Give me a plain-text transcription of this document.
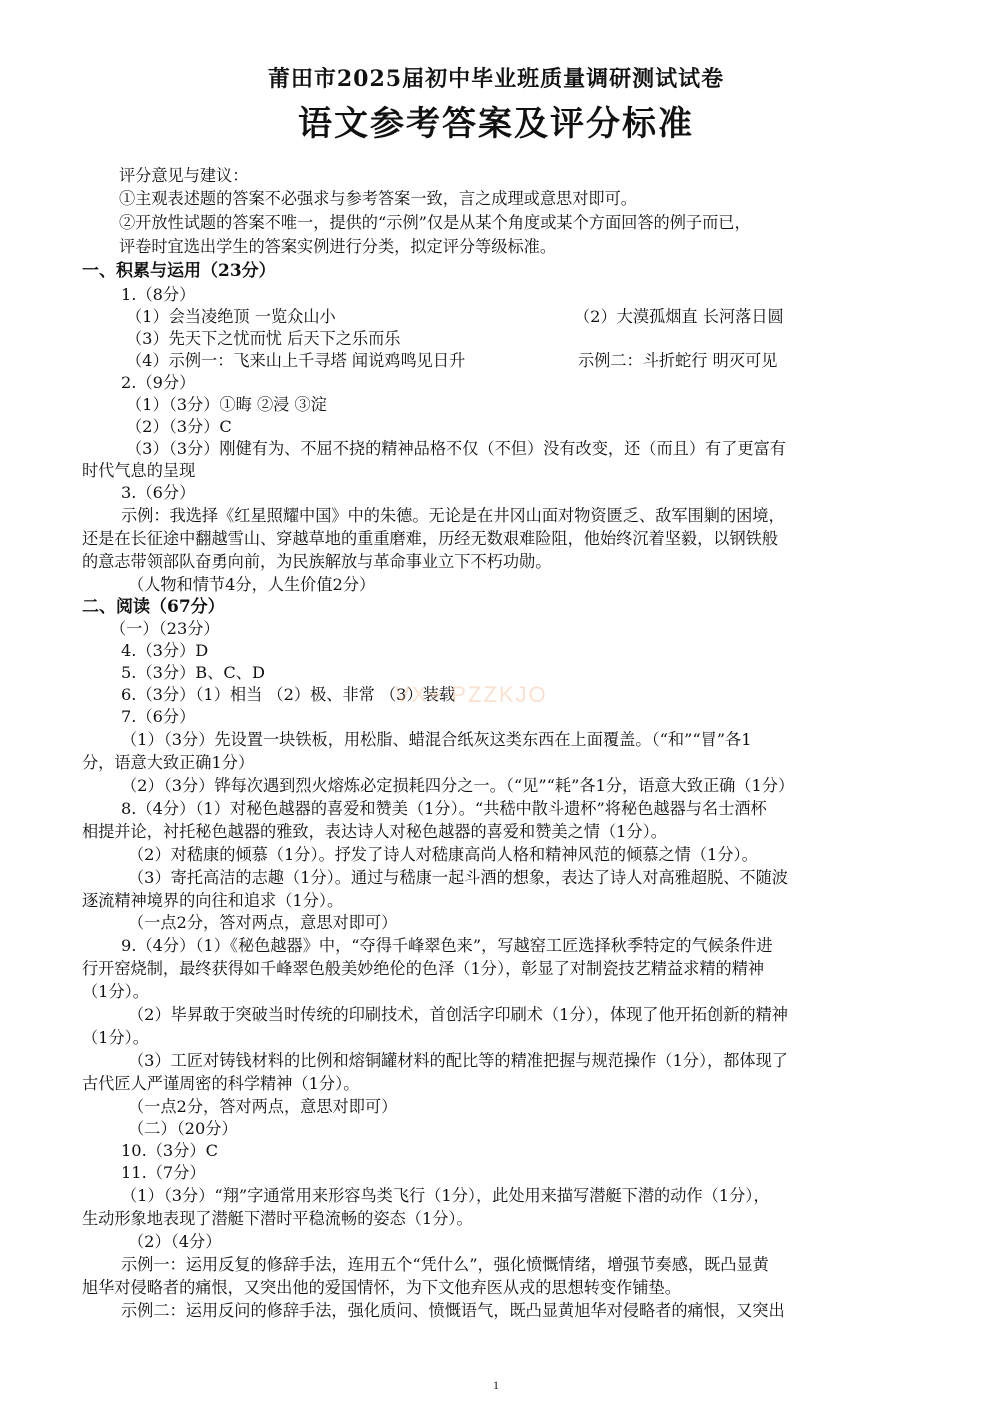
莆田市2025届初中毕业班质量调研测试试卷
语文参考答案及评分标准
评分意见与建议：
①主观表述题的答案不必强求与参考答案一致，言之成理或意思对即可。
②开放性试题的答案不唯一，提供的“示例”仅是从某个角度或某个方面回答的例子而已，
评卷时宜选出学生的答案实例进行分类，拟定评分等级标准。
一、积累与运用（23分）
1.（8分）
（1）会当凌绝顶 一览众山小	（2）大漠孤烟直 长河落日圆
（3）先天下之忧而忧 后天下之乐而乐
（4）示例一：飞来山上千寻塔 闻说鸡鸣见日升	示例二：斗折蛇行 明灭可见
2.（9分）
（1）（3分）①晦 ②浸 ③淀
（2）（3分）C
（3）（3分）刚健有为、不屈不挠的精神品格不仅（不但）没有改变，还（而且）有了更富有
时代气息的呈现
3.（6分）
示例：我选择《红星照耀中国》中的朱德。无论是在井冈山面对物资匮乏、敌军围剿的困境，
还是在长征途中翻越雪山、穿越草地的重重磨难，历经无数艰难险阻，他始终沉着坚毅，以钢铁般
的意志带领部队奋勇向前，为民族解放与革命事业立下不朽功勋。
（人物和情节4分，人生价值2分）
二、阅读（67分）
（一）（23分）
4.（3分）D
5.（3分）B、C、D
6.（3分）（1）相当 （2）极、非常 （3）装载
7.（6分）
（1）（3分）先设置一块铁板，用松脂、蜡混合纸灰这类东西在上面覆盖。（“和”“冒”各1
分，语意大致正确1分）
（2）（3分）铧每次遇到烈火熔炼必定损耗四分之一。（“见”“耗”各1分，语意大致正确（1分）
8.（4分）（1）对秘色越器的喜爱和赞美（1分）。“共嵇中散斗遗杯”将秘色越器与名士酒杯
相提并论，衬托秘色越器的雅致，表达诗人对秘色越器的喜爱和赞美之情（1分）。
（2）对嵇康的倾慕（1分）。抒发了诗人对嵇康高尚人格和精神风范的倾慕之情（1分）。
（3）寄托高洁的志趣（1分）。通过与嵇康一起斗酒的想象，表达了诗人对高雅超脱、不随波
逐流精神境界的向往和追求（1分）。
（一点2分，答对两点，意思对即可）
9.（4分）（1）《秘色越器》中，“夺得千峰翠色来”，写越窑工匠选择秋季特定的气候条件进
行开窑烧制，最终获得如千峰翠色般美妙绝伦的色泽（1分），彰显了对制瓷技艺精益求精的精神
（1分）。
（2）毕昇敢于突破当时传统的印刷技术，首创活字印刷术（1分），体现了他开拓创新的精神
（1分）。
（3）工匠对铸钱材料的比例和熔铜罐材料的配比等的精准把握与规范操作（1分），都体现了
古代匠人严谨周密的科学精神（1分）。
（一点2分，答对两点，意思对即可）
（二）（20分）
10.（3分）C
11.（7分）
（1）（3分）“翔”字通常用来形容鸟类飞行（1分），此处用来描写潜艇下潜的动作（1分），
生动形象地表现了潜艇下潜时平稳流畅的姿态（1分）。
（2）（4分）
示例一：运用反复的修辞手法，连用五个“凭什么”，强化愤慨情绪，增强节奏感，既凸显黄
旭华对侵略者的痛恨，又突出他的爱国情怀，为下文他弃医从戎的思想转变作铺垫。
示例二：运用反问的修辞手法，强化质问、愤慨语气，既凸显黄旭华对侵略者的痛恨，又突出
VX+ PZZKJO
1
